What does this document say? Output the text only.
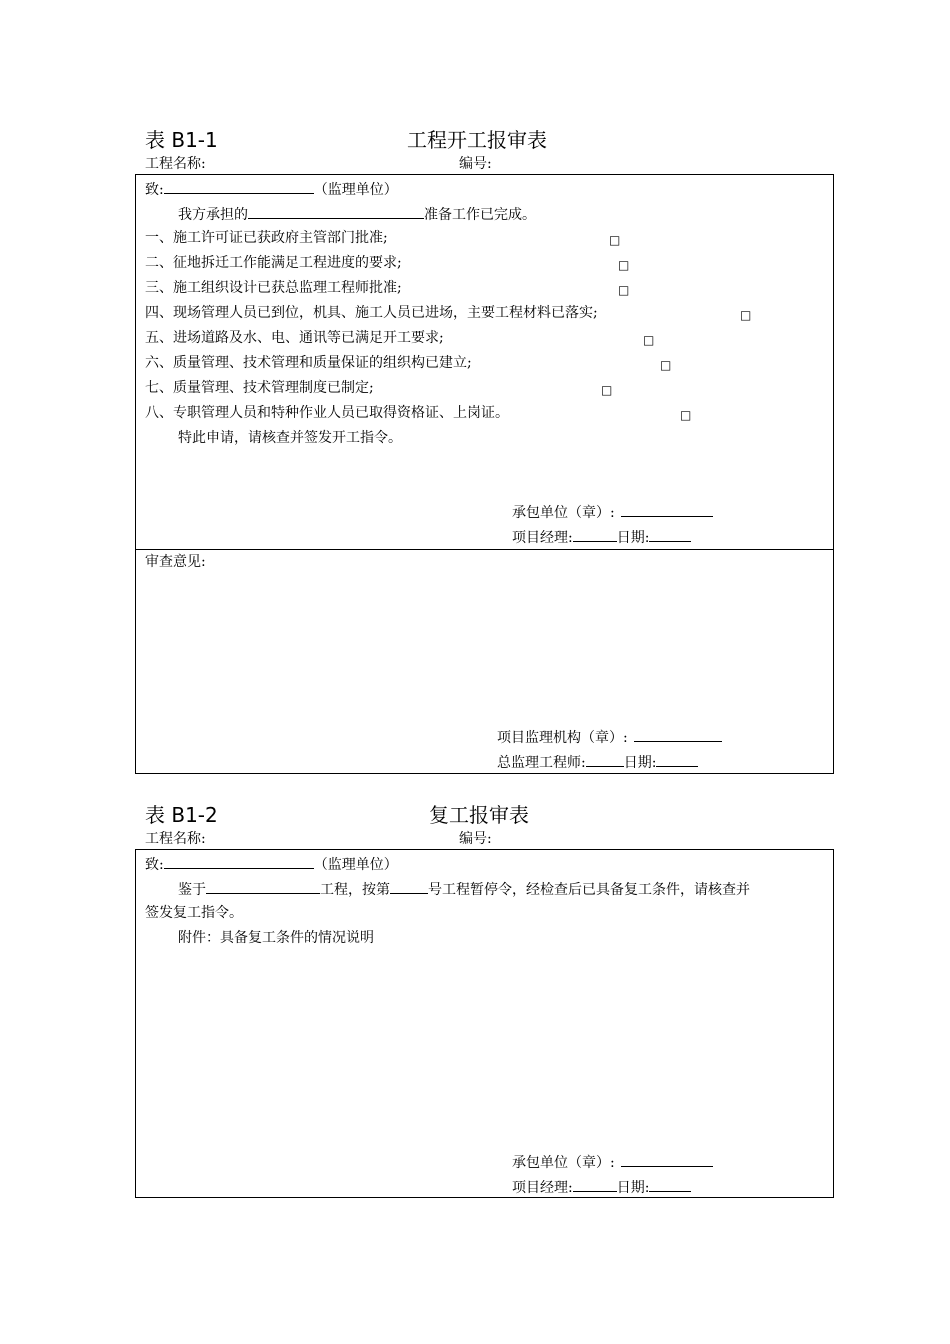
表 B1-1	工程开工报审表
工程名称:	编号:
致:	（监理单位）
我方承担的	准备工作已完成。
一、施工许可证已获政府主管部门批准;	□
二、征地拆迁工作能满足工程进度的要求;	□
三、施工组织设计已获总监理工程师批准;	□
四、现场管理人员已到位，机具、施工人员已进场，主要工程材料已落实;	□
五、进场道路及水、电、通讯等已满足开工要求;	□
六、质量管理、技术管理和质量保证的组织构已建立;	□
七、质量管理、技术管理制度已制定;	□
八、专职管理人员和特种作业人员已取得资格证、上岗证。	□
特此申请，请核查并签发开工指令。
承包单位（章）:
项目经理:	日期:
审查意见:
项目监理机构（章）:
总监理工程师:	日期:
表 B1-2	复工报审表
工程名称:	编号:
致:	（监理单位）
鉴于	工程，按第	号工程暂停令，经检查后已具备复工条件，请核查并
签发复工指令。
附件：具备复工条件的情况说明
承包单位（章）:
项目经理:	日期:
